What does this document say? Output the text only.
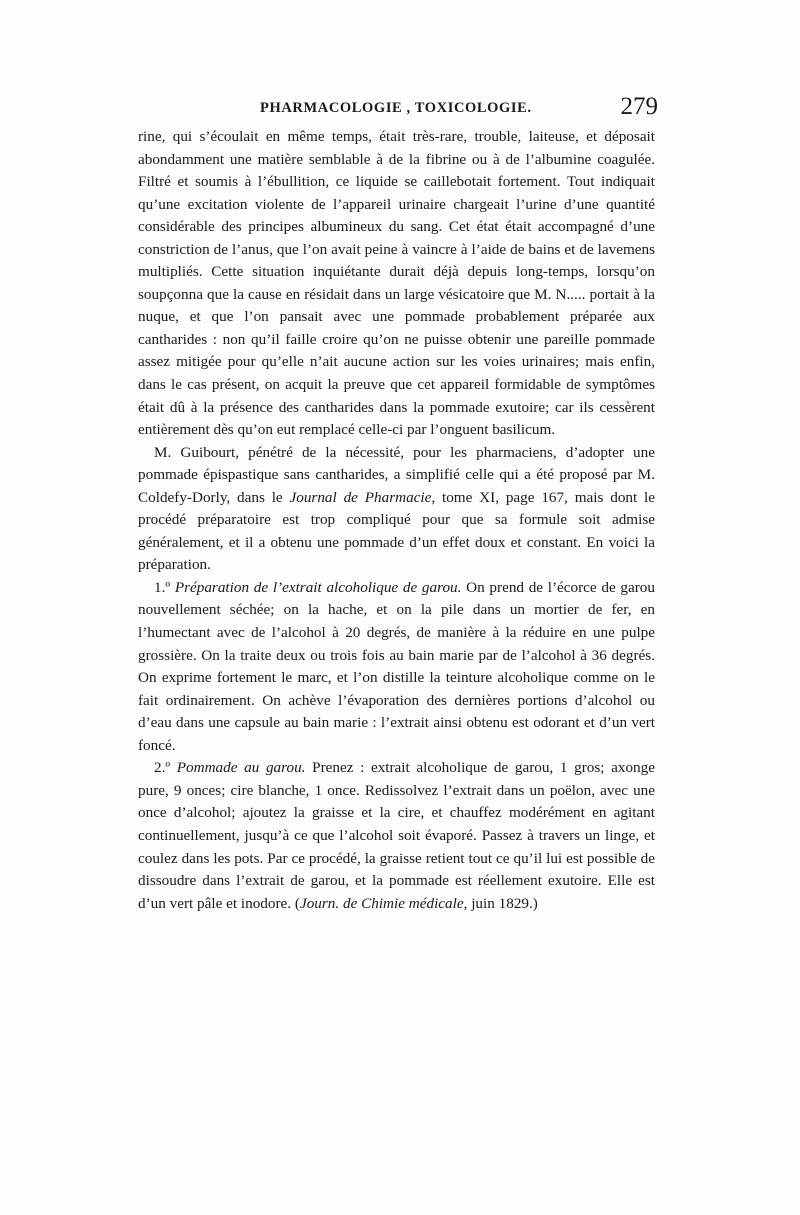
PHARMACOLOGIE , TOXICOLOGIE.	279

rine, qui s’écoulait en même temps, était très-rare, trouble, laiteuse, et déposait abondamment une matière semblable à de la fibrine ou à de l’albumine coagulée. Filtré et soumis à l’ébullition, ce liquide se caillebotait fortement. Tout indiquait qu’une excitation violente de l’appareil urinaire chargeait l’urine d’une quantité considérable des principes albumineux du sang. Cet état était accompagné d’une constriction de l’anus, que l’on avait peine à vaincre à l’aide de bains et de lavemens multipliés. Cette situation inquiétante durait déjà depuis long-temps, lorsqu’on soupçonna que la cause en résidait dans un large vésicatoire que M. N..... portait à la nuque, et que l’on pansait avec une pommade probablement préparée aux cantharides : non qu’il faille croire qu’on ne puisse obtenir une pareille pommade assez mitigée pour qu’elle n’ait aucune action sur les voies urinaires; mais enfin, dans le cas présent, on acquit la preuve que cet appareil formidable de symptômes était dû à la présence des cantharides dans la pommade exutoire; car ils cessèrent entièrement dès qu’on eut remplacé celle-ci par l’onguent basilicum.

M. Guibourt, pénétré de la nécessité, pour les pharmaciens, d’adopter une pommade épispastique sans cantharides, a simplifié celle qui a été proposé par M. Coldefy-Dorly, dans le Journal de Pharmacie, tome XI, page 167, mais dont le procédé préparatoire est trop compliqué pour que sa formule soit admise généralement, et il a obtenu une pommade d’un effet doux et constant. En voici la préparation.

1.º Préparation de l’extrait alcoholique de garou. On prend de l’écorce de garou nouvellement séchée; on la hache, et on la pile dans un mortier de fer, en l’humectant avec de l’alcohol à 20 degrés, de manière à la réduire en une pulpe grossière. On la traite deux ou trois fois au bain marie par de l’alcohol à 36 degrés. On exprime fortement le marc, et l’on distille la teinture alcoholique comme on le fait ordinairement. On achève l’évaporation des dernières portions d’alcohol ou d’eau dans une capsule au bain marie : l’extrait ainsi obtenu est odorant et d’un vert foncé.

2.º Pommade au garou. Prenez : extrait alcoholique de garou, 1 gros; axonge pure, 9 onces; cire blanche, 1 once. Redissolvez l’extrait dans un poëlon, avec une once d’alcohol; ajoutez la graisse et la cire, et chauffez modérément en agitant continuellement, jusqu’à ce que l’alcohol soit évaporé. Passez à travers un linge, et coulez dans les pots. Par ce procédé, la graisse retient tout ce qu’il lui est possible de dissoudre dans l’extrait de garou, et la pommade est réellement exutoire. Elle est d’un vert pâle et inodore. (Journ. de Chimie médicale, juin 1829.)
